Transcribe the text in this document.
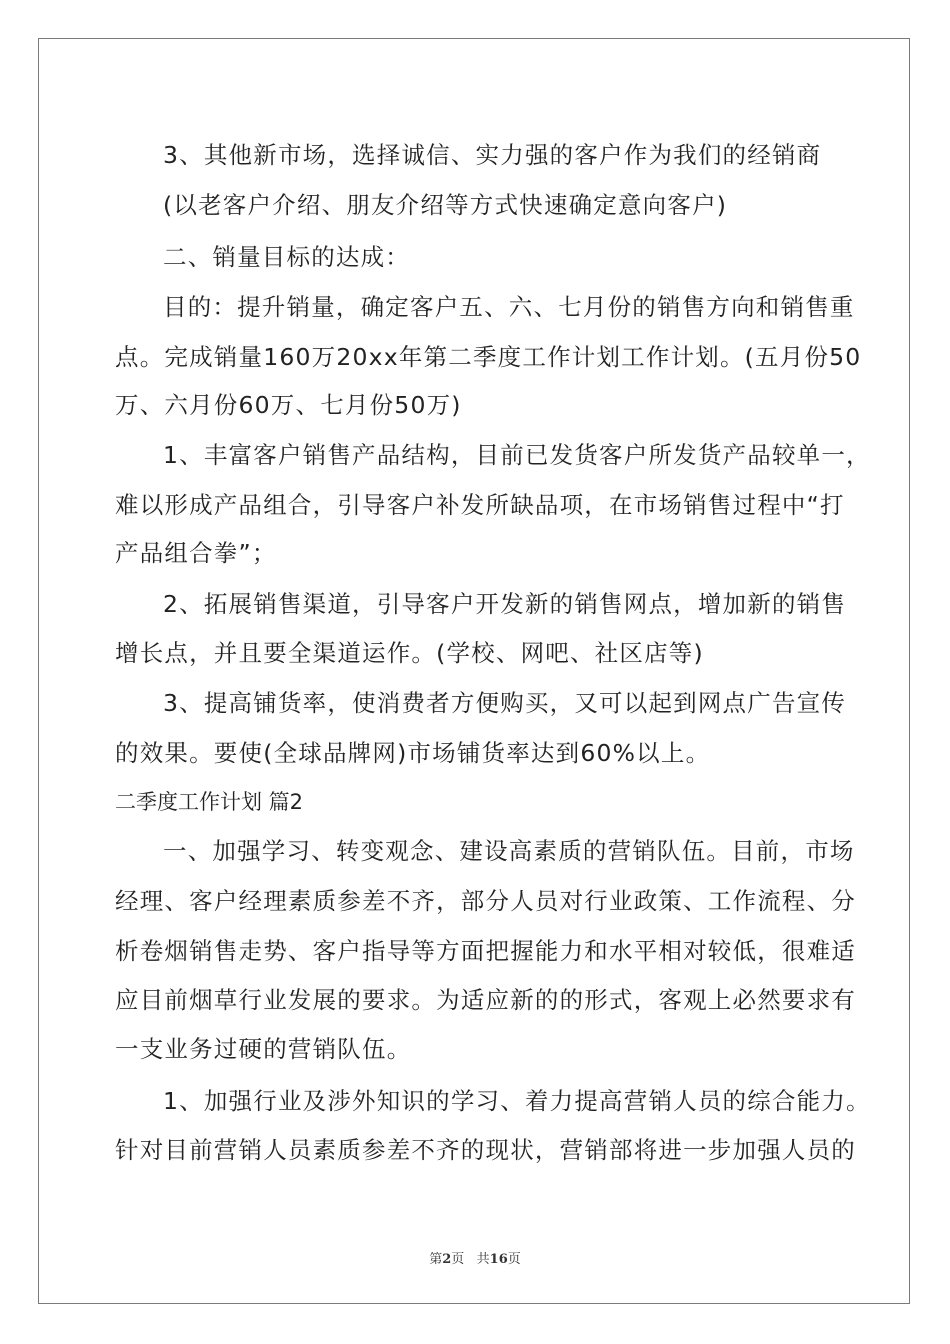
3、其他新市场，选择诚信、实力强的客户作为我们的经销商
(以老客户介绍、朋友介绍等方式快速确定意向客户)
二、销量目标的达成：
目的：提升销量，确定客户五、六、七月份的销售方向和销售重
点。完成销量160万20xx年第二季度工作计划工作计划。(五月份50
万、六月份60万、七月份50万)
1、丰富客户销售产品结构，目前已发货客户所发货产品较单一，
难以形成产品组合，引导客户补发所缺品项，在市场销售过程中“打
产品组合拳”；
2、拓展销售渠道，引导客户开发新的销售网点，增加新的销售
增长点，并且要全渠道运作。(学校、网吧、社区店等)
3、提高铺货率，使消费者方便购买，又可以起到网点广告宣传
的效果。要使(全球品牌网)市场铺货率达到60%以上。
二季度工作计划 篇2
一、加强学习、转变观念、建设高素质的营销队伍。目前，市场
经理、客户经理素质参差不齐，部分人员对行业政策、工作流程、分
析卷烟销售走势、客户指导等方面把握能力和水平相对较低，很难适
应目前烟草行业发展的要求。为适应新的的形式，客观上必然要求有
一支业务过硬的营销队伍。
1、加强行业及涉外知识的学习、着力提高营销人员的综合能力。
针对目前营销人员素质参差不齐的现状，营销部将进一步加强人员的
第2页   共16页
